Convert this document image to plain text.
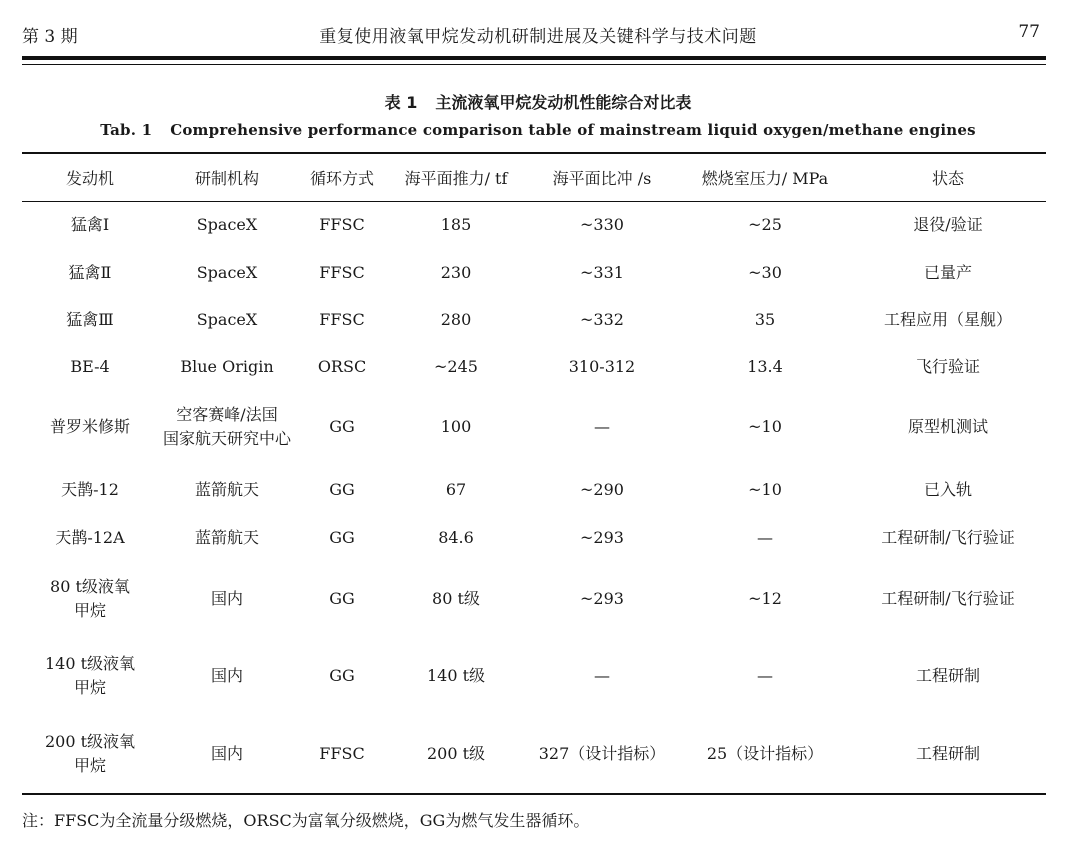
第 3 期	重复使用液氧甲烷发动机研制进展及关键科学与技术问题	77
表 1 主流液氧甲烷发动机性能综合对比表
Tab. 1 Comprehensive performance comparison table of mainstream liquid oxygen/methane engines
发动机	研制机构	循环方式	海平面推力/ tf	海平面比冲 /s	燃烧室压力/ MPa	状态

猛禽Ⅰ	SpaceX	FFSC	185	~330	~25	退役/验证

猛禽Ⅱ	SpaceX	FFSC	230	~331	~30	已量产

猛禽Ⅲ	SpaceX	FFSC	280	~332	35	工程应用（星舰）

BE-4	Blue Origin	ORSC	~245	310-312	13.4	飞行验证

普罗米修斯	空客赛峰/法国
国家航天研究中心	GG	100	—	~10	原型机测试

天鹊-12	蓝箭航天	GG	67	~290	~10	已入轨

天鹊-12A	蓝箭航天	GG	84.6	~293	—	工程研制/飞行验证

80 t级液氧
甲烷	国内	GG	80 t级	~293	~12	工程研制/飞行验证

140 t级液氧
甲烷	国内	GG	140 t级	—	—	工程研制

200 t级液氧
甲烷	国内	FFSC	200 t级	327（设计指标）	25（设计指标）	工程研制
注：FFSC为全流量分级燃烧，ORSC为富氧分级燃烧，GG为燃气发生器循环。
